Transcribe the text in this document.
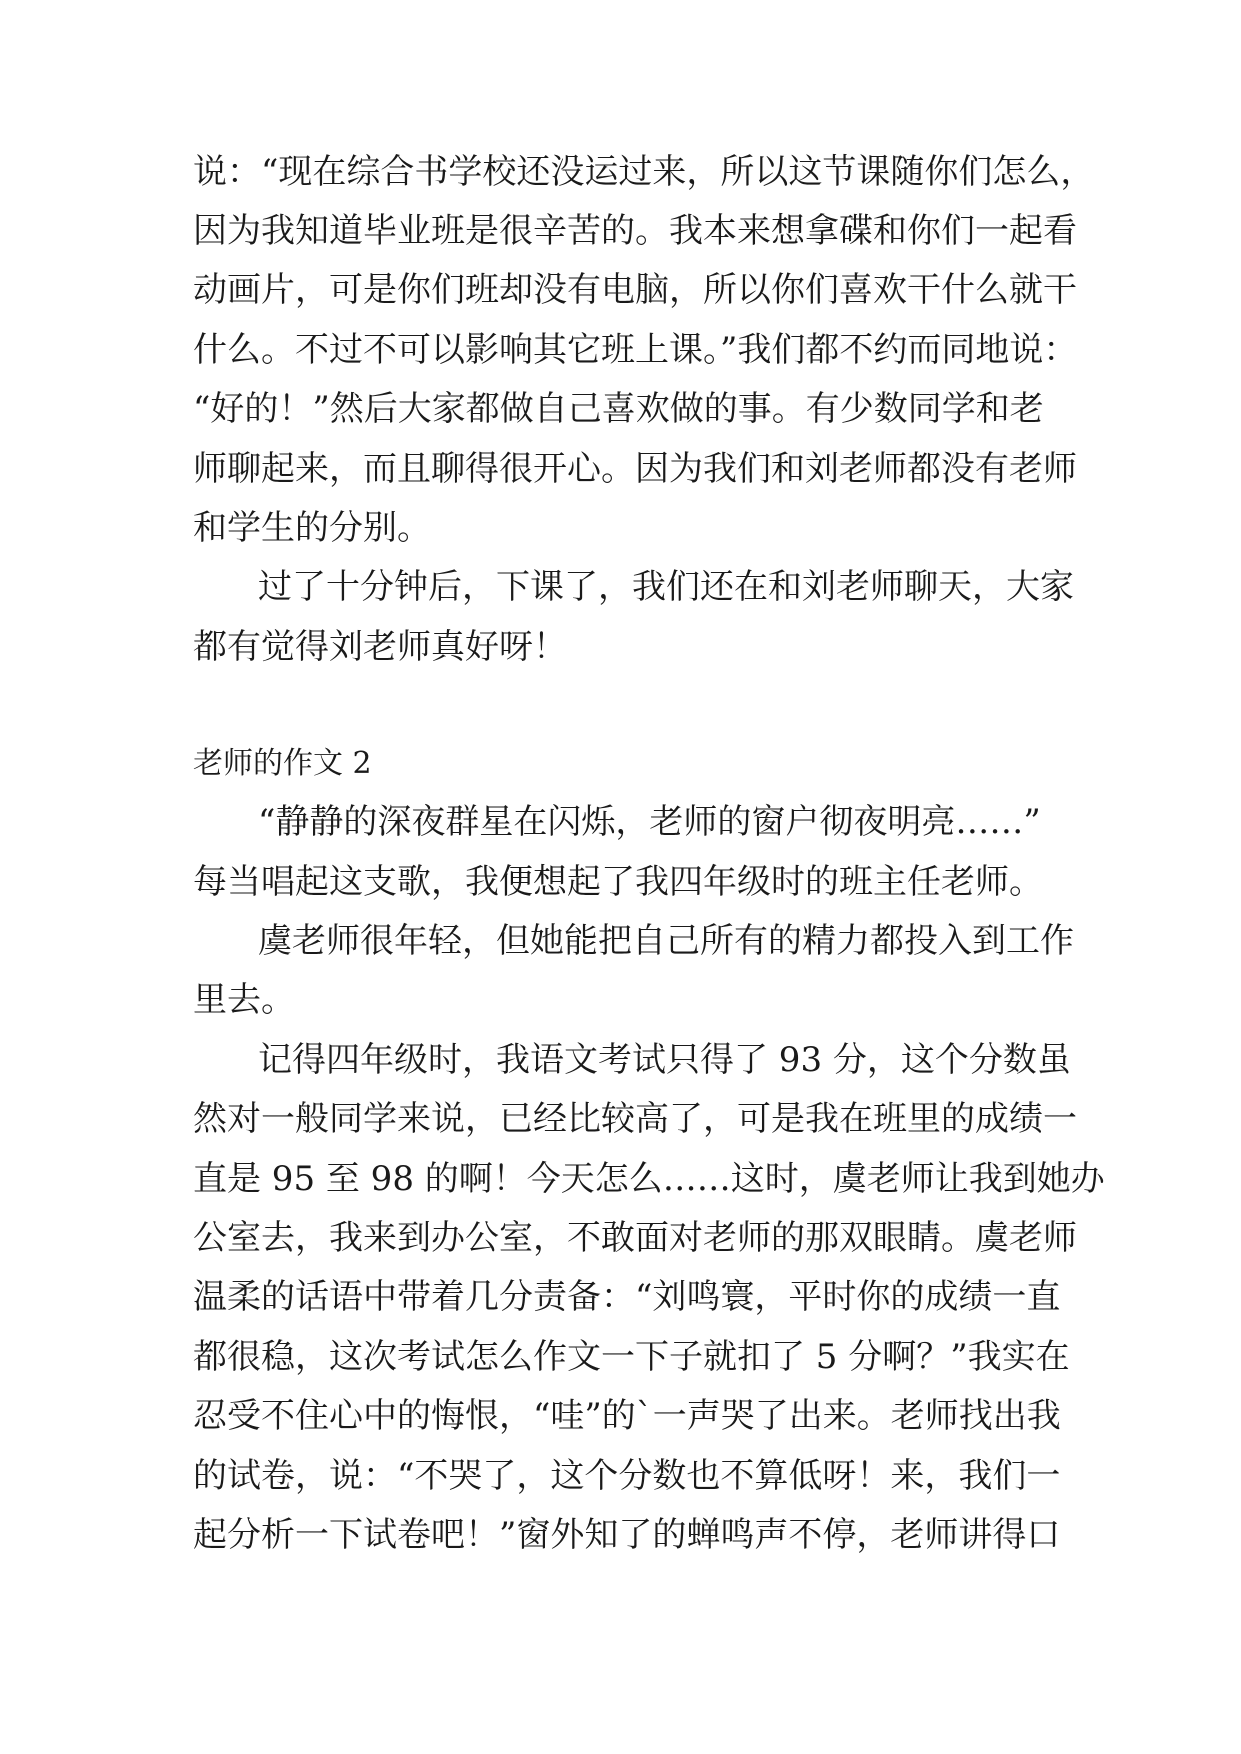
说：“现在综合书学校还没运过来，所以这节课随你们怎么，
因为我知道毕业班是很辛苦的。我本来想拿碟和你们一起看
动画片，可是你们班却没有电脑，所以你们喜欢干什么就干
什么。不过不可以影响其它班上课。”我们都不约而同地说：
“好的！”然后大家都做自己喜欢做的事。有少数同学和老
师聊起来，而且聊得很开心。因为我们和刘老师都没有老师
和学生的分别。
过了十分钟后，下课了，我们还在和刘老师聊天，大家
都有觉得刘老师真好呀！
老师的作文 2
“静静的深夜群星在闪烁，老师的窗户彻夜明亮……”
每当唱起这支歌，我便想起了我四年级时的班主任老师。
虞老师很年轻，但她能把自己所有的精力都投入到工作
里去。
记得四年级时，我语文考试只得了 93 分，这个分数虽
然对一般同学来说，已经比较高了，可是我在班里的成绩一
直是 95 至 98 的啊！今天怎么……这时，虞老师让我到她办
公室去，我来到办公室，不敢面对老师的那双眼睛。虞老师
温柔的话语中带着几分责备：“刘鸣寰，平时你的成绩一直
都很稳，这次考试怎么作文一下子就扣了 5 分啊？”我实在
忍受不住心中的悔恨，“哇”的`一声哭了出来。老师找出我
的试卷，说：“不哭了，这个分数也不算低呀！来，我们一
起分析一下试卷吧！”窗外知了的蝉鸣声不停，老师讲得口
